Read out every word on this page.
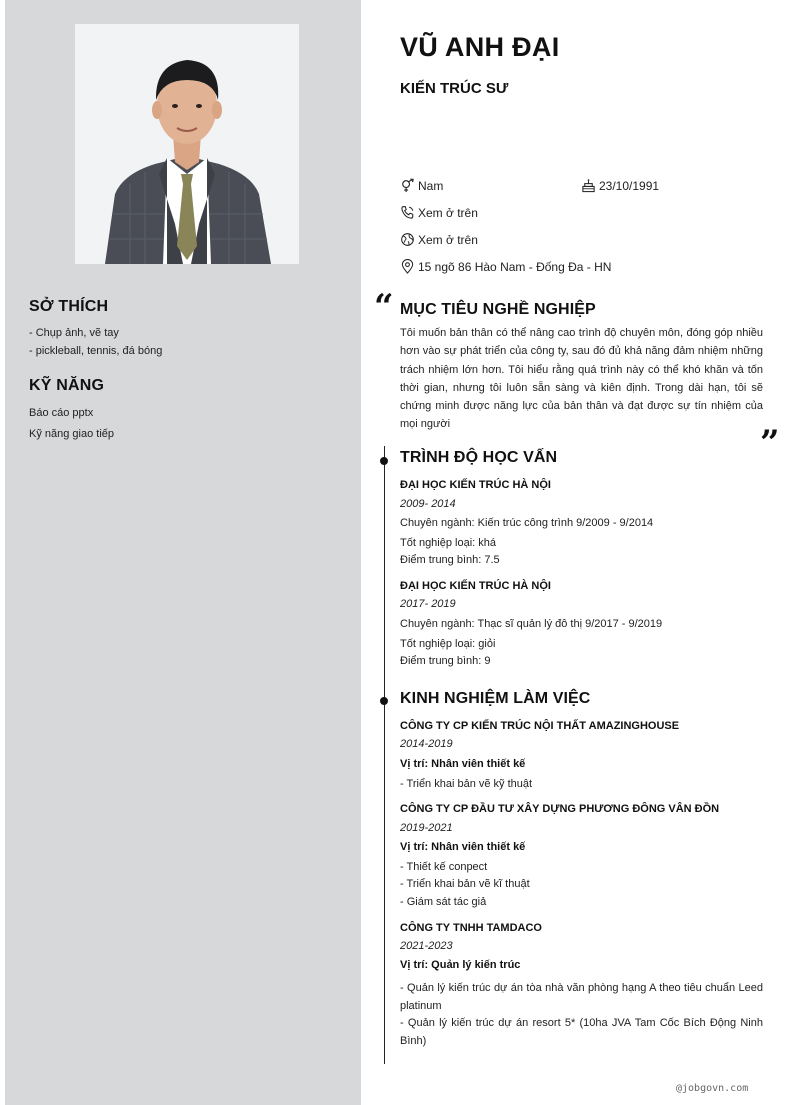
SỞ THÍCH
- Chụp ảnh, vẽ tay
- pickleball, tennis, đá bóng
KỸ NĂNG
Báo cáo pptx
Kỹ năng giao tiếp
VŨ ANH ĐẠI
KIẾN TRÚC SƯ
Nam	23/10/1991
Xem ở trên
Xem ở trên
15 ngõ 86 Hào Nam - Đống Đa - HN
“ MỤC TIÊU NGHỀ NGHIỆP
Tôi muốn bản thân có thể nâng cao trình độ chuyên môn, đóng góp nhiều hơn vào sự phát triển của công ty, sau đó đủ khả năng đảm nhiệm những trách nhiệm lớn hơn. Tôi hiểu rằng quá trình này có thể khó khăn và tốn thời gian, nhưng tôi luôn sẵn sàng và kiên định. Trong dài hạn, tôi sẽ chứng minh được năng lực của bản thân và đạt được sự tín nhiệm của mọi người	”
TRÌNH ĐỘ HỌC VẤN
ĐẠI HỌC KIẾN TRÚC HÀ NỘI
2009- 2014
Chuyên ngành: Kiến trúc công trình 9/2009 - 9/2014
Tốt nghiệp loại: khá
Điểm trung bình: 7.5
ĐẠI HỌC KIẾN TRÚC HÀ NỘI
2017- 2019
Chuyên ngành: Thạc sĩ quản lý đô thị 9/2017 - 9/2019
Tốt nghiệp loại: giỏi
Điểm trung bình: 9
KINH NGHIỆM LÀM VIỆC
CÔNG TY CP KIẾN TRÚC NỘI THẤT AMAZINGHOUSE
2014-2019
Vị trí: Nhân viên thiết kế
- Triển khai bản vẽ kỹ thuật
CÔNG TY CP ĐẦU TƯ XÂY DỰNG PHƯƠNG ĐÔNG VÂN ĐỒN
2019-2021
Vị trí: Nhân viên thiết kế
- Thiết kế conpect
- Triển khai bản vẽ kĩ thuật
- Giám sát tác giả
CÔNG TY TNHH TAMDACO
2021-2023
Vị trí: Quản lý kiến trúc
- Quản lý kiến trúc dự án tòa nhà văn phòng hạng A theo tiêu chuẩn Leed platinum
- Quản lý kiến trúc dự án resort 5* (10ha JVA Tam Cốc Bích Động Ninh Bình)
@jobgovn.com
